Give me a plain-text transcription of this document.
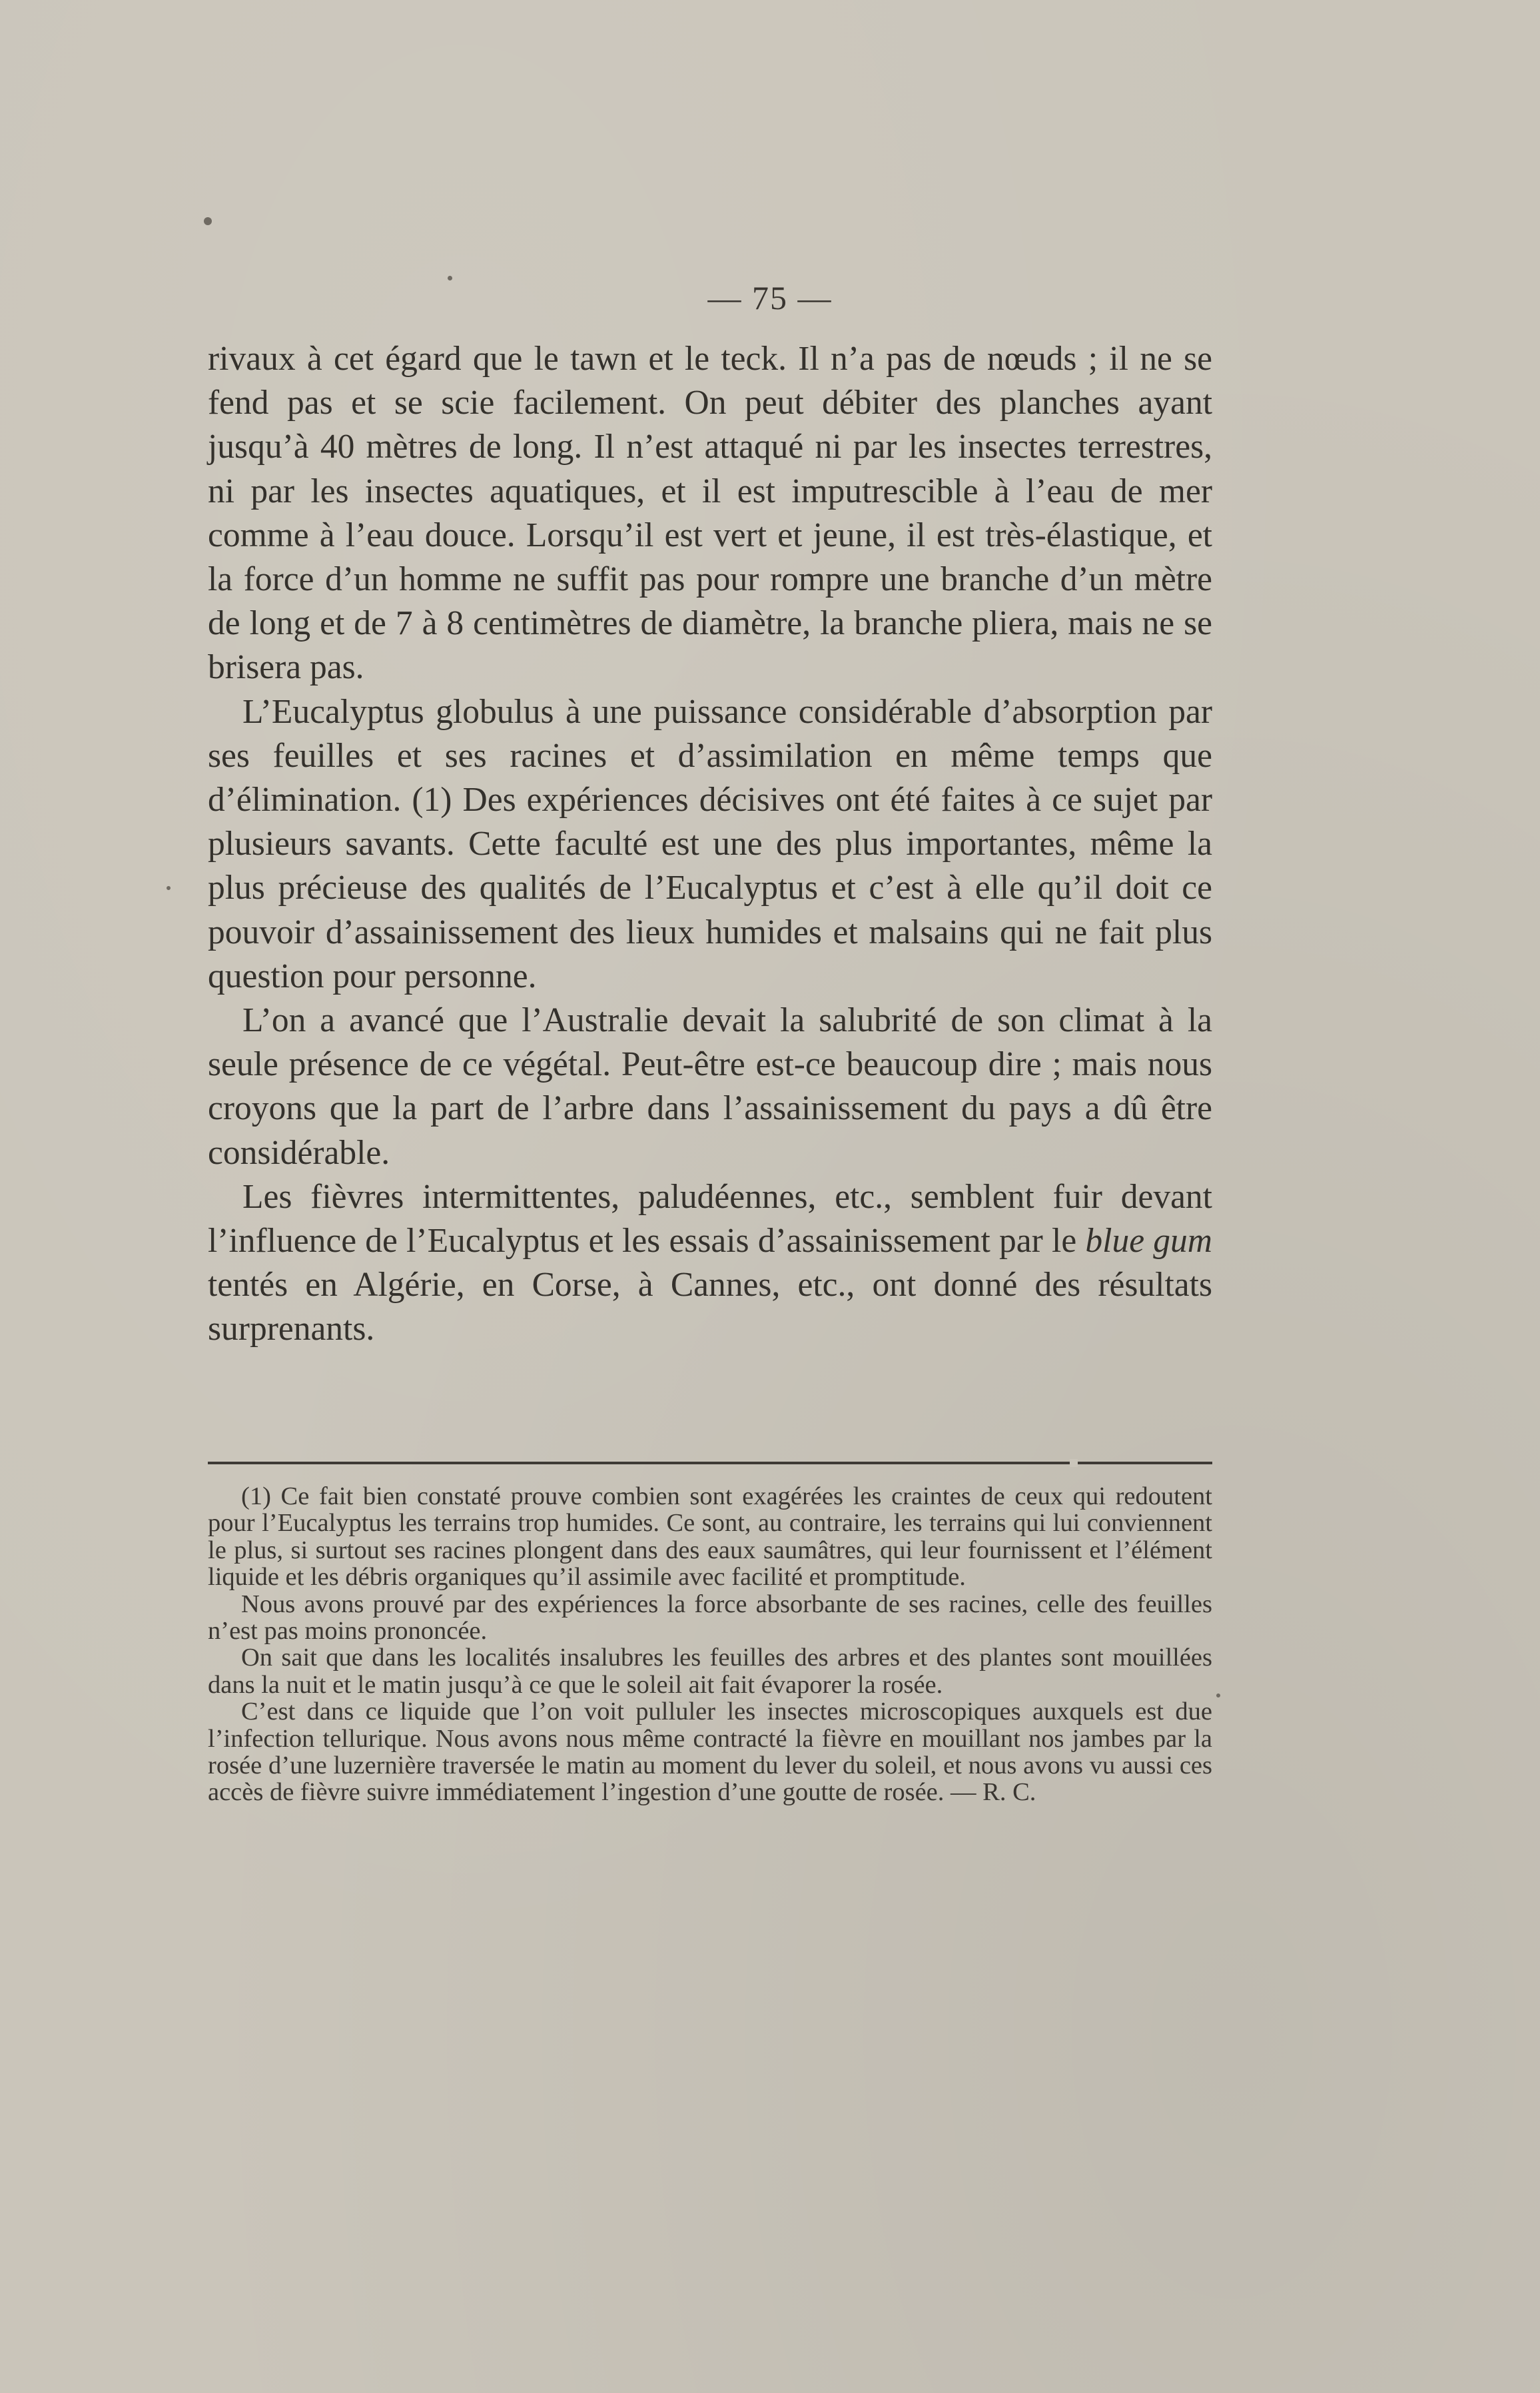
— 75 —

rivaux à cet égard que le tawn et le teck. Il n’a pas de nœuds ; il ne se fend pas et se scie facilement. On peut débiter des planches ayant jusqu’à 40 mètres de long. Il n’est attaqué ni par les insectes terrestres, ni par les insectes aquatiques, et il est imputrescible à l’eau de mer comme à l’eau douce. Lorsqu’il est vert et jeune, il est très-élastique, et la force d’un homme ne suffit pas pour rompre une branche d’un mètre de long et de 7 à 8 centimètres de diamètre, la branche pliera, mais ne se brisera pas.

L’Eucalyptus globulus à une puissance considérable d’absorption par ses feuilles et ses racines et d’assimilation en même temps que d’élimination. (1) Des expériences décisives ont été faites à ce sujet par plusieurs savants. Cette faculté est une des plus importantes, même la plus précieuse des qualités de l’Eucalyptus et c’est à elle qu’il doit ce pouvoir d’assainissement des lieux humides et malsains qui ne fait plus question pour personne.

L’on a avancé que l’Australie devait la salubrité de son climat à la seule présence de ce végétal. Peut-être est-ce beaucoup dire ; mais nous croyons que la part de l’arbre dans l’assainissement du pays a dû être considérable.

Les fièvres intermittentes, paludéennes, etc., semblent fuir devant l’influence de l’Eucalyptus et les essais d’assainissement par le blue gum tentés en Algérie, en Corse, à Cannes, etc., ont donné des résultats surprenants.

(1) Ce fait bien constaté prouve combien sont exagérées les craintes de ceux qui redoutent pour l’Eucalyptus les terrains trop humides. Ce sont, au contraire, les terrains qui lui conviennent le plus, si surtout ses racines plongent dans des eaux saumâtres, qui leur fournissent et l’élément liquide et les débris organiques qu’il assimile avec facilité et promptitude.

Nous avons prouvé par des expériences la force absorbante de ses racines, celle des feuilles n’est pas moins prononcée.

On sait que dans les localités insalubres les feuilles des arbres et des plantes sont mouillées dans la nuit et le matin jusqu’à ce que le soleil ait fait évaporer la rosée.

C’est dans ce liquide que l’on voit pulluler les insectes microscopiques auxquels est due l’infection tellurique. Nous avons nous même contracté la fièvre en mouillant nos jambes par la rosée d’une luzernière traversée le matin au moment du lever du soleil, et nous avons vu aussi ces accès de fièvre suivre immédiatement l’ingestion d’une goutte de rosée. — R. C.
